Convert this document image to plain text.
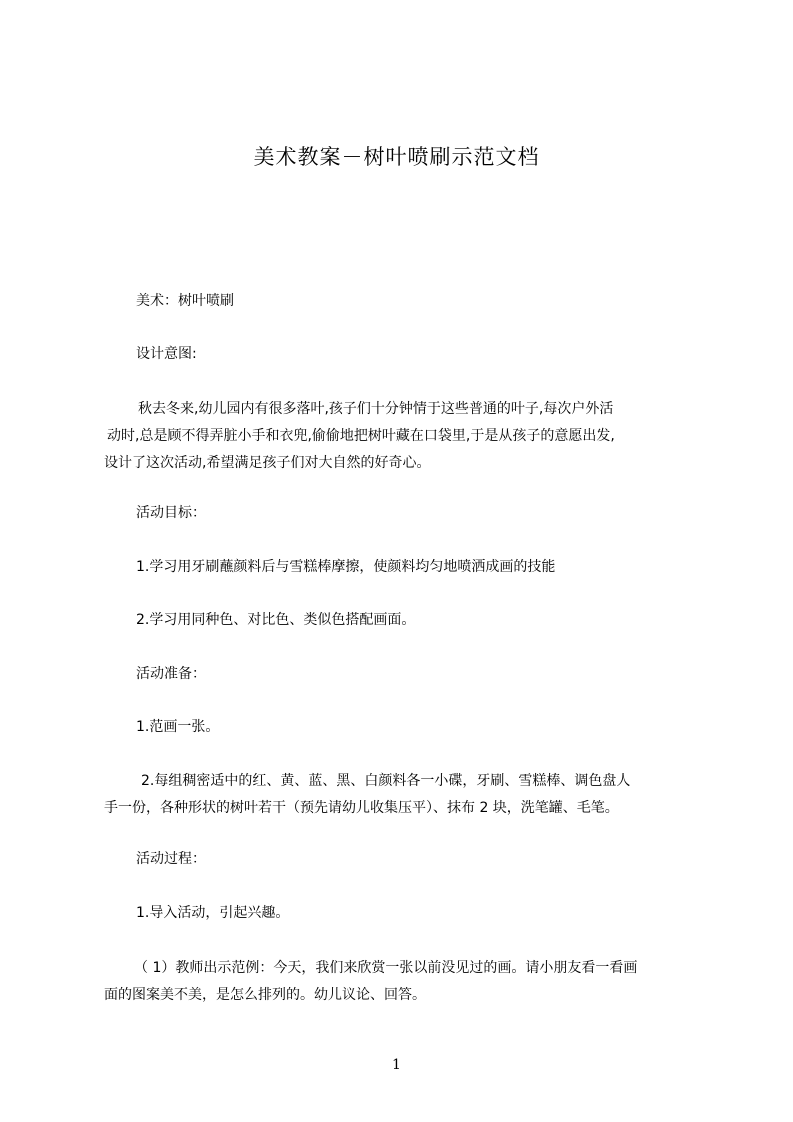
美术教案－树叶喷刷示范文档
美术：树叶喷刷
设计意图:
秋去冬来,幼儿园内有很多落叶,孩子们十分钟情于这些普通的叶子,每次户外活
动时,总是顾不得弄脏小手和衣兜,偷偷地把树叶藏在口袋里,于是从孩子的意愿出发,
设计了这次活动,希望满足孩子们对大自然的好奇心。
活动目标：
1.学习用牙刷蘸颜料后与雪糕棒摩擦，使颜料均匀地喷洒成画的技能
2.学习用同种色、对比色、类似色搭配画面。
活动准备：
1.范画一张。
2.每组稠密适中的红、黄、蓝、黑、白颜料各一小碟，牙刷、雪糕棒、调色盘人
手一份，各种形状的树叶若干（预先请幼儿收集压平）、抹布 2 块，洗笔罐、毛笔。
活动过程：
1.导入活动，引起兴趣。
（ 1）教师出示范例：今天，我们来欣赏一张以前没见过的画。请小朋友看一看画
面的图案美不美，是怎么排列的。幼儿议论、回答。
1
